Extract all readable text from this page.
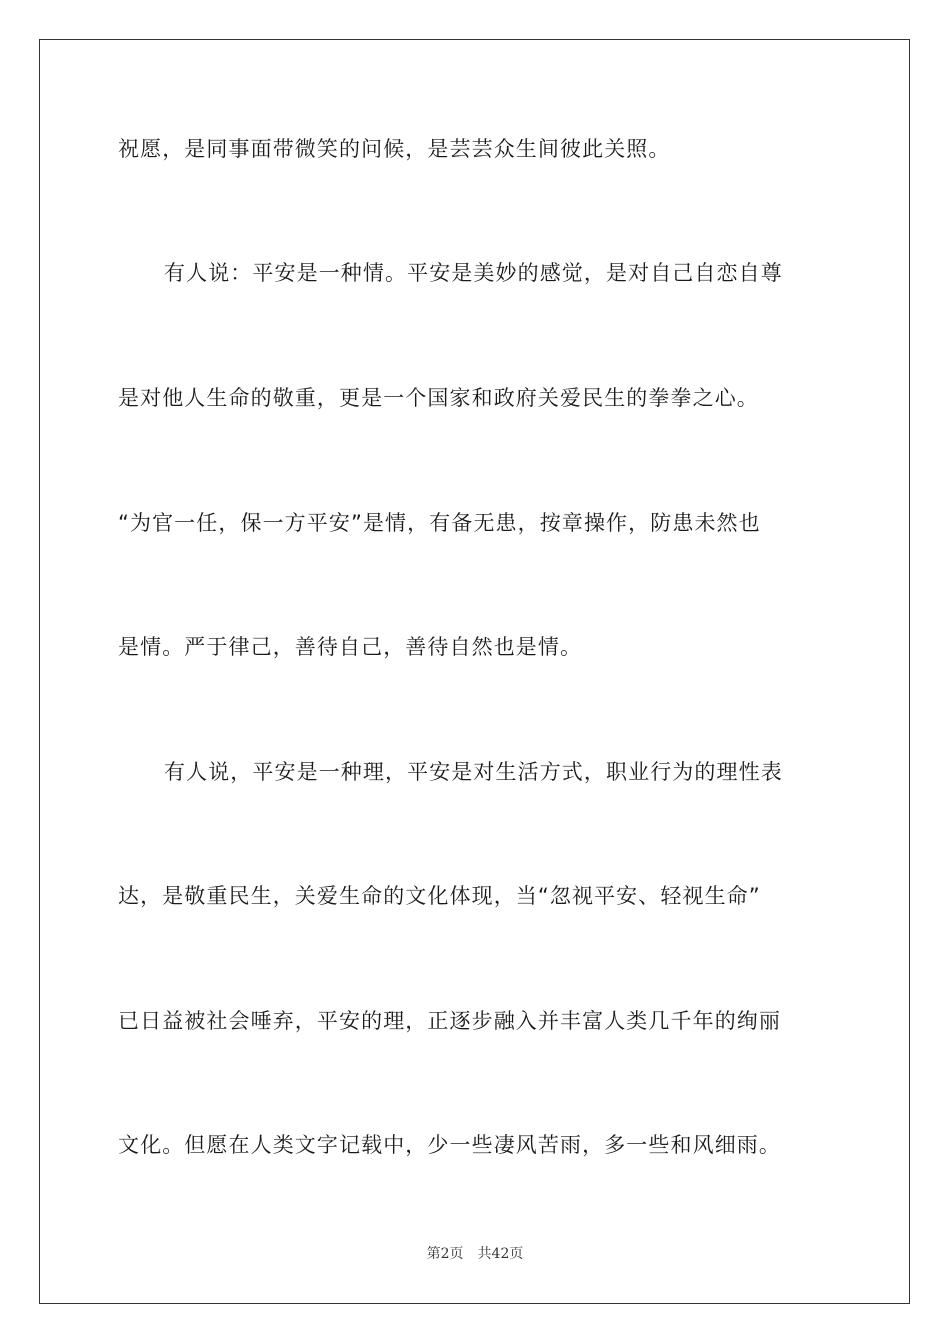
祝愿，是同事面带微笑的问候，是芸芸众生间彼此关照。
有人说：平安是一种情。平安是美妙的感觉，是对自己自恋自尊
是对他人生命的敬重，更是一个国家和政府关爱民生的拳拳之心。
“为官一任，保一方平安”是情，有备无患，按章操作，防患未然也
是情。严于律己，善待自己，善待自然也是情。
有人说，平安是一种理，平安是对生活方式，职业行为的理性表
达，是敬重民生，关爱生命的文化体现，当“忽视平安、轻视生命”
已日益被社会唾弃，平安的理，正逐步融入并丰富人类几千年的绚丽
文化。但愿在人类文字记载中，少一些凄风苦雨，多一些和风细雨。
第2页 共42页
